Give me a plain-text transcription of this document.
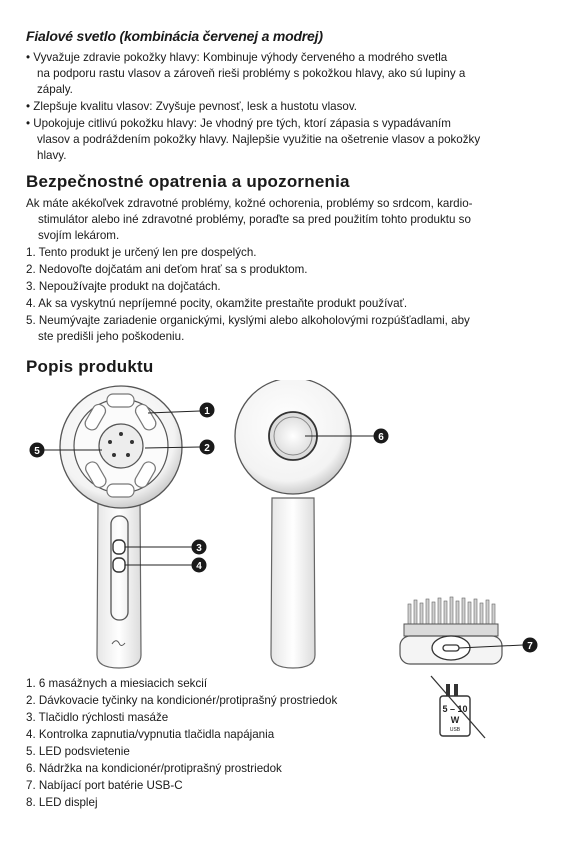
Fialové svetlo (kombinácia červenej a modrej)
• Vyvažuje zdravie pokožky hlavy: Kombinuje výhody červeného a modrého svetla
na podporu rastu vlasov a zároveň rieši problémy s pokožkou hlavy, ako sú lupiny a
zápaly.
• Zlepšuje kvalitu vlasov: Zvyšuje pevnosť, lesk a hustotu vlasov.
• Upokojuje citlivú pokožku hlavy: Je vhodný pre tých, ktorí zápasia s vypadávaním
vlasov a podráždením pokožky hlavy. Najlepšie využitie na ošetrenie vlasov a pokožky
hlavy.
Bezpečnostné opatrenia a upozornenia
Ak máte akékoľvek zdravotné problémy, kožné ochorenia, problémy so srdcom, kardio-
stimulátor alebo iné zdravotné problémy, poraďte sa pred použitím tohto produktu so
svojím lekárom.
1. Tento produkt je určený len pre dospelých.
2. Nedovoľte dojčatám ani deťom hrať sa s produktom.
3. Nepoužívajte produkt na dojčatách.
4. Ak sa vyskytnú nepríjemné pocity, okamžite prestaňte produkt používať.
5. Neumývajte zariadenie organickými, kyslými alebo alkoholovými rozpúšťadlami, aby
ste predišli jeho poškodeniu.
Popis produktu
1
2
3
4
5
6
7
1. 6 masážnych a miesiacich sekcií
2. Dávkovacie tyčinky na kondicionér/protiprašný prostriedok
3. Tlačidlo rýchlosti masáže
4. Kontrolka zapnutia/vypnutia tlačidla napájania
5. LED podsvietenie
6. Nádržka na kondicionér/protiprašný prostriedok
7. Nabíjací port batérie USB-C
8. LED displej
5 – 10
W
USB
